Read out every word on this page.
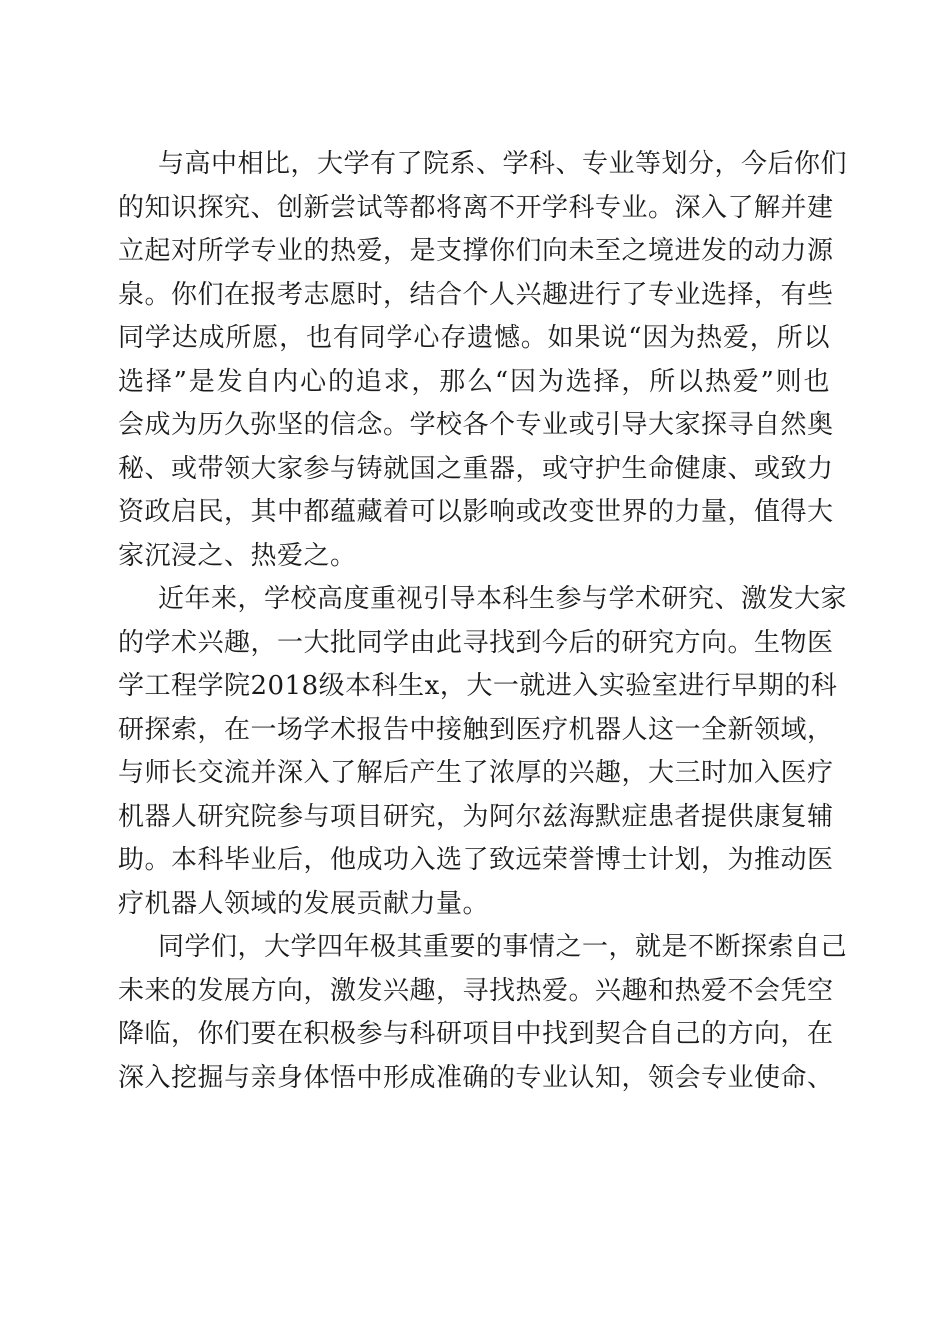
与高中相比，大学有了院系、学科、专业等划分，今后你们
的知识探究、创新尝试等都将离不开学科专业。深入了解并建
立起对所学专业的热爱，是支撑你们向未至之境进发的动力源
泉。你们在报考志愿时，结合个人兴趣进行了专业选择，有些
同学达成所愿，也有同学心存遗憾。如果说“因为热爱，所以
选择”是发自内心的追求，那么“因为选择，所以热爱”则也
会成为历久弥坚的信念。学校各个专业或引导大家探寻自然奥
秘、或带领大家参与铸就国之重器，或守护生命健康、或致力
资政启民，其中都蕴藏着可以影响或改变世界的力量，值得大
家沉浸之、热爱之。
近年来，学校高度重视引导本科生参与学术研究、激发大家
的学术兴趣，一大批同学由此寻找到今后的研究方向。生物医
学工程学院2018级本科生x，大一就进入实验室进行早期的科
研探索，在一场学术报告中接触到医疗机器人这一全新领域，
与师长交流并深入了解后产生了浓厚的兴趣，大三时加入医疗
机器人研究院参与项目研究，为阿尔兹海默症患者提供康复辅
助。本科毕业后，他成功入选了致远荣誉博士计划，为推动医
疗机器人领域的发展贡献力量。
同学们，大学四年极其重要的事情之一，就是不断探索自己
未来的发展方向，激发兴趣，寻找热爱。兴趣和热爱不会凭空
降临，你们要在积极参与科研项目中找到契合自己的方向，在
深入挖掘与亲身体悟中形成准确的专业认知，领会专业使命、
